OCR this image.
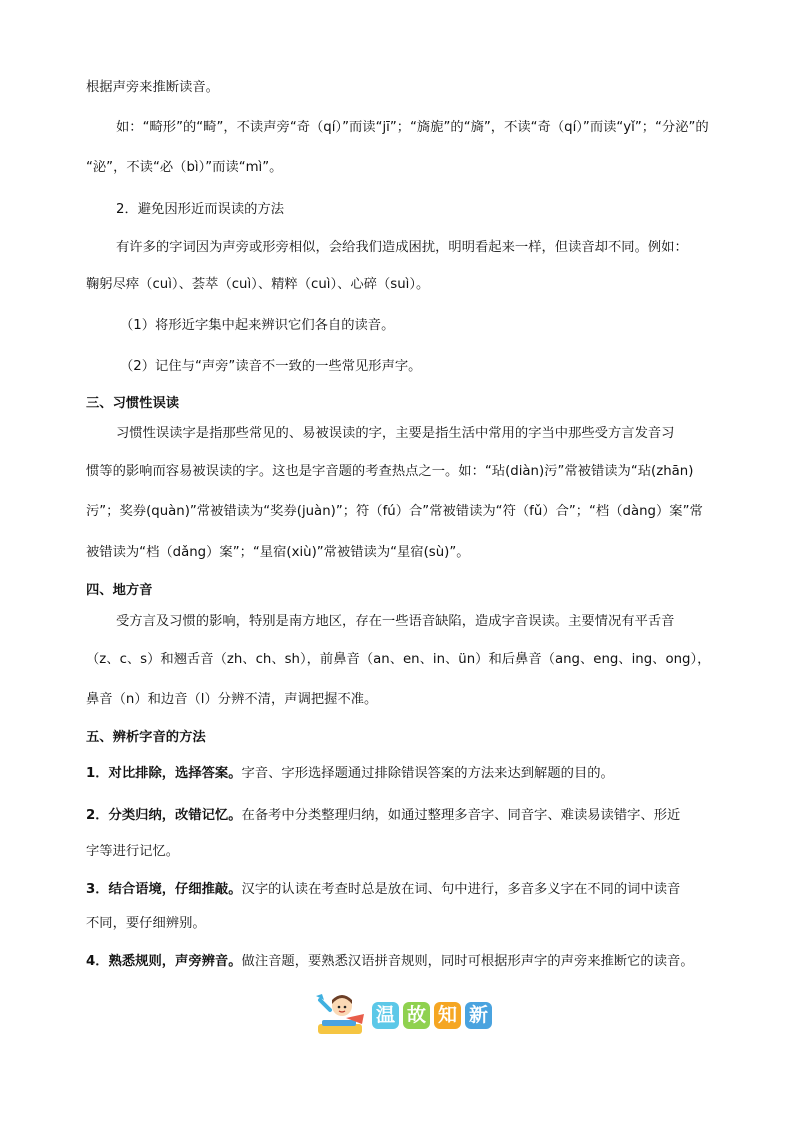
根据声旁来推断读音。
如：“畸形”的“畸”，不读声旁“奇（qí）”而读“jī”；“旖旎”的“旖”，不读“奇（qí）”而读“yǐ”；“分泌”的
“泌”，不读“必（bì）”而读“mì”。
2．避免因形近而误读的方法
有许多的字词因为声旁或形旁相似，会给我们造成困扰，明明看起来一样，但读音却不同。例如：
鞠躬尽瘁（cuì）、荟萃（cuì）、精粹（cuì）、心碎（suì）。
（1）将形近字集中起来辨识它们各自的读音。
（2）记住与“声旁”读音不一致的一些常见形声字。
三、习惯性误读
习惯性误读字是指那些常见的、易被误读的字，主要是指生活中常用的字当中那些受方言发音习
惯等的影响而容易被误读的字。这也是字音题的考查热点之一。如：“玷(diàn)污”常被错读为“玷(zhān)
污”；奖券(quàn)”常被错读为“奖券(juàn)”；符（fú）合”常被错读为“符（fǔ）合”；“档（dàng）案”常
被错读为“档（dǎng）案”；“星宿(xiù)”常被错读为“星宿(sù)”。
四、地方音
受方言及习惯的影响，特别是南方地区，存在一些语音缺陷，造成字音误读。主要情况有平舌音
（z、c、s）和翘舌音（zh、ch、sh），前鼻音（an、en、in、ün）和后鼻音（ang、eng、ing、ong），
鼻音（n）和边音（l）分辨不清，声调把握不准。
五、辨析字音的方法
1．对比排除，选择答案。字音、字形选择题通过排除错误答案的方法来达到解题的目的。
2．分类归纳，改错记忆。在备考中分类整理归纳，如通过整理多音字、同音字、难读易读错字、形近
字等进行记忆。
3．结合语境，仔细推敲。汉字的认读在考查时总是放在词、句中进行，多音多义字在不同的词中读音
不同，要仔细辨别。
4．熟悉规则，声旁辨音。做注音题，要熟悉汉语拼音规则，同时可根据形声字的声旁来推断它的读音。
温 故 知 新
